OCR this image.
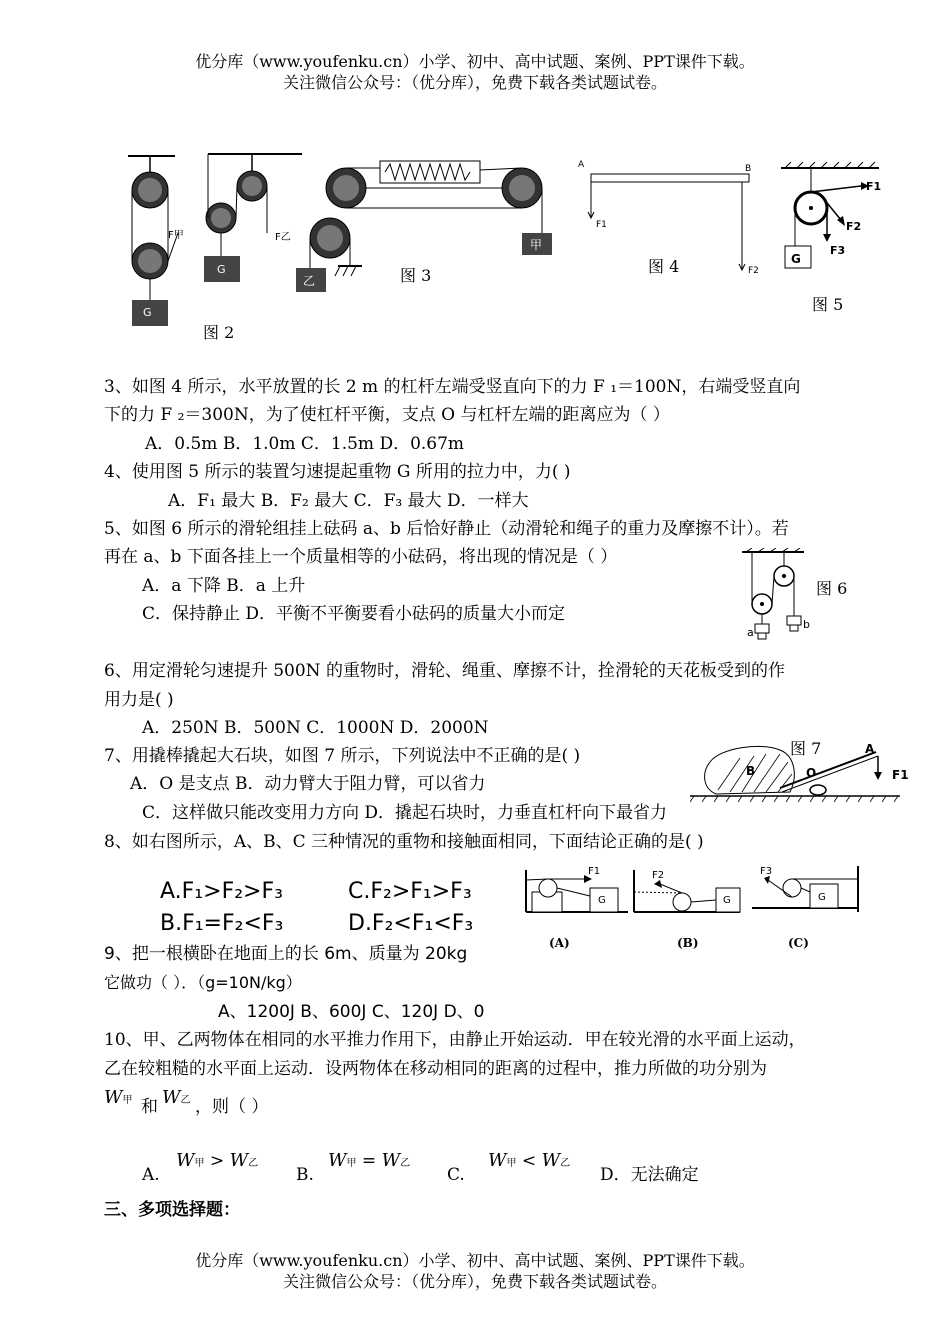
优分库（www.youfenku.cn）小学、初中、高中试题、案例、PPT课件下载。
关注微信公众号：（优分库），免费下载各类试题试卷。
F甲	F乙
G
G
图 2
乙
甲
图 3
A	B
F1
F2
图 4
F1
F2
F3
G
图 5
3、如图 4 所示，水平放置的长 2 m 的杠杆左端受竖直向下的力 F ₁＝100N，右端受竖直向
下的力 F ₂＝300N，为了使杠杆平衡，支点 O 与杠杆左端的距离应为（ ）
A．0.5m B．1.0m C．1.5m D．0.67m
4、使用图 5 所示的装置匀速提起重物 G 所用的拉力中，力( )
A．F₁ 最大 B．F₂ 最大 C．F₃ 最大 D．一样大
5、如图 6 所示的滑轮组挂上砝码 a、b 后恰好静止（动滑轮和绳子的重力及摩擦不计）。若
再在 a、b 下面各挂上一个质量相等的小砝码，将出现的情况是（ ）
A．a 下降 B．a 上升
C．保持静止 D．平衡不平衡要看小砝码的质量大小而定
a
b
图 6
6、用定滑轮匀速提升 500N 的重物时，滑轮、绳重、摩擦不计，拴滑轮的天花板受到的作
用力是( )
A．250N B．500N C．1000N D．2000N
图 7	A
B	O	F1
7、用撬棒撬起大石块，如图 7 所示，下列说法中不正确的是( )
A．O 是支点 B．动力臂大于阻力臂，可以省力
C．这样做只能改变用力方向 D．撬起石块时，力垂直杠杆向下最省力
8、如右图所示，A、B、C 三种情况的重物和接触面相同，下面结论正确的是( )
A.F₁>F₂>F₃	C.F₂>F₁>F₃
B.F₁=F₂<F₃	D.F₂<F₁<F₃
F1	F2	F3
G	G	G
(A)	(B)	(C)
9、把一根横卧在地面上的长 6m、质量为 20kg
它做功（ ）．（g=10N/kg）
A、1200J B、600J C、120J D、0
10、甲、乙两物体在相同的水平推力作用下，由静止开始运动．甲在较光滑的水平面上运动，
乙在较粗糙的水平面上运动．设两物体在移动相同的距离的过程中，推力所做的功分别为
W甲 和 W乙 ，则（ ）
A.
W甲 > W乙
B.
W甲 = W乙
C.
W甲 < W乙
D．无法确定
三、多项选择题：
优分库（www.youfenku.cn）小学、初中、高中试题、案例、PPT课件下载。
关注微信公众号：（优分库），免费下载各类试题试卷。
